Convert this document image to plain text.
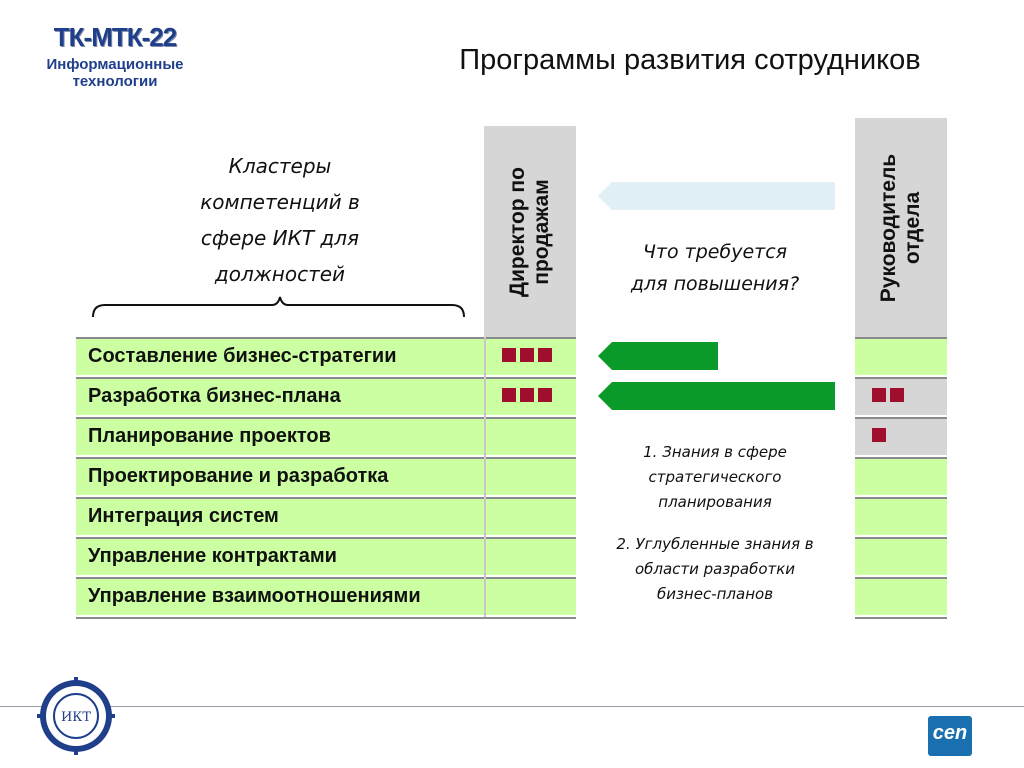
ТК-МТК-22
Информационные
технологии
Программы развития сотрудников
Кластеры
компетенций в
сфере ИКТ для
должностей	Директор по продажам	Руководитель отдела
Составление бизнес-стратегии
Разработка бизнес-плана
Планирование проектов
Проектирование и разработка
Интеграция систем
Управление контрактами
Управление взаимоотношениями
Что требуется
для повышения?
1. Знания в сфере
стратегического
планирования
2. Углубленные знания в
области разработки
бизнес-планов
ИКТ
cen
